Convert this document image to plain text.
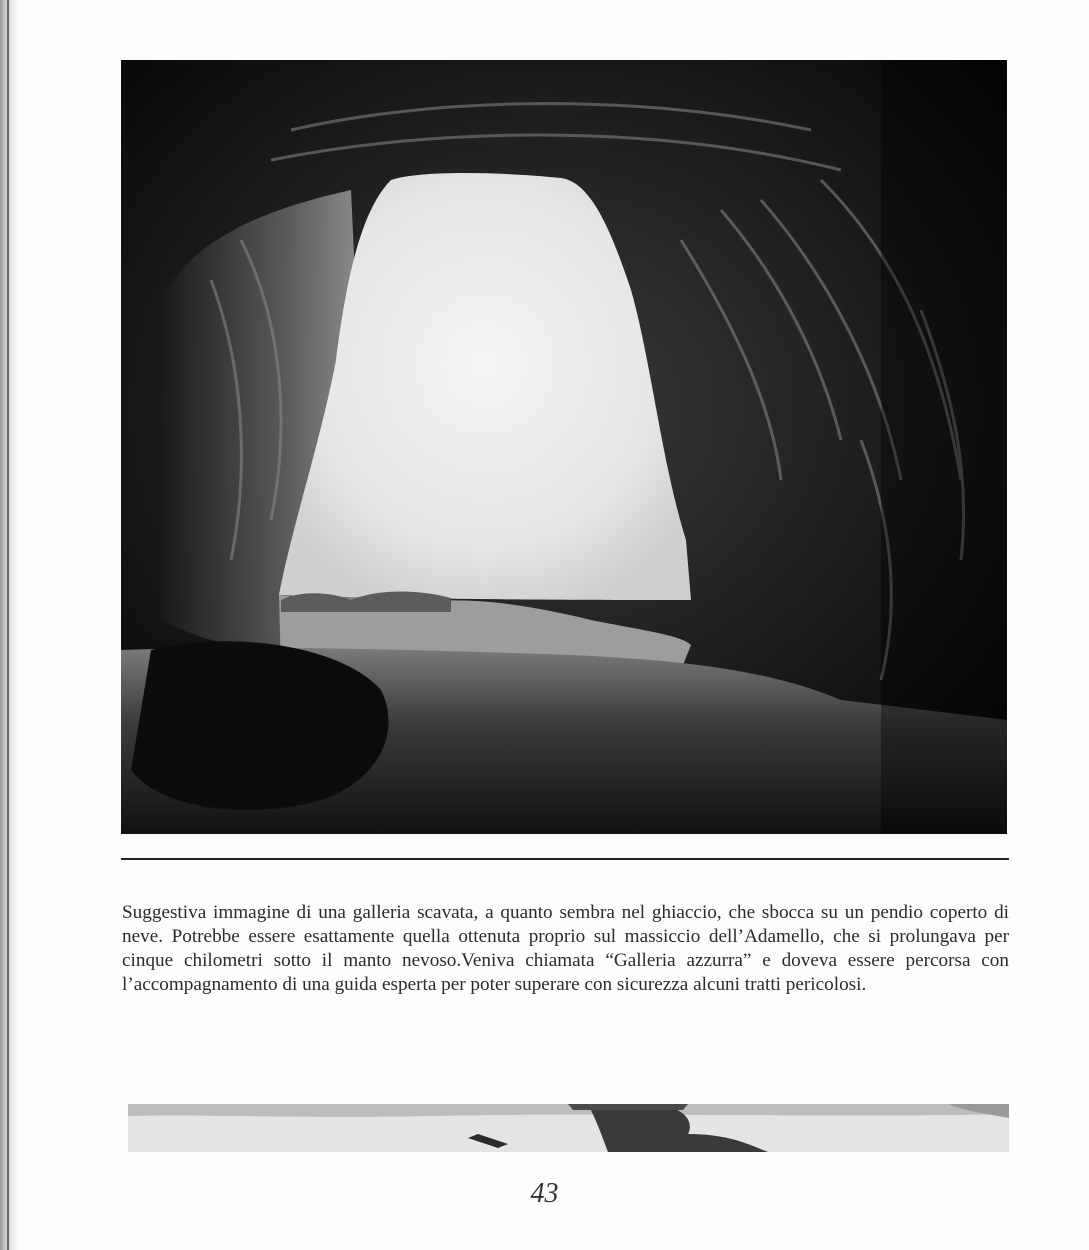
Suggestiva immagine di una galleria scavata, a quanto sembra nel ghiaccio, che sbocca su un pendio coperto di neve. Potrebbe essere esattamente quella ottenuta proprio sul massiccio dell’Adamello, che si prolungava per cinque chilometri sotto il manto nevoso.Veniva chiamata “Galleria azzurra” e doveva essere percorsa con l’accompagnamento di una guida esperta per poter superare con sicurezza alcuni tratti pericolosi.

43
